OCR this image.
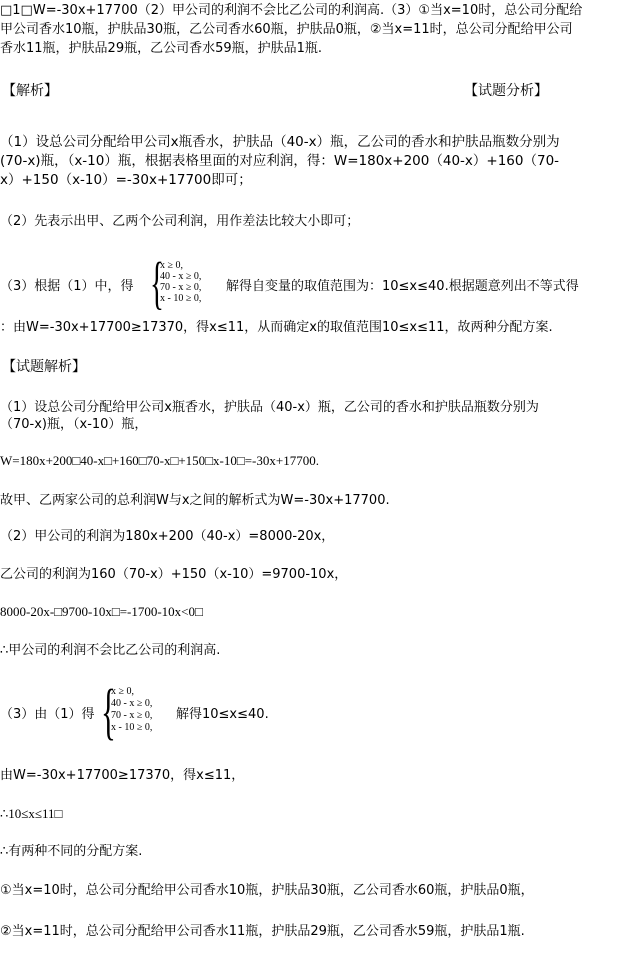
□1□W=-30x+17700（2）甲公司的利润不会比乙公司的利润高.（3）①当x=10时，总公司分配给
甲公司香水10瓶，护肤品30瓶，乙公司香水60瓶，护肤品0瓶，②当x=11时，总公司分配给甲公司
香水11瓶，护肤品29瓶，乙公司香水59瓶，护肤品1瓶.
【解析】	【试题分析】
（1）设总公司分配给甲公司x瓶香水，护肤品（40-x）瓶，乙公司的香水和护肤品瓶数分别为
(70-x)瓶，（x-10）瓶，根据表格里面的对应利润，得：W=180x+200（40-x）+160（70-
x）+150（x-10）=-30x+17700即可；
（2）先表示出甲、乙两个公司利润，用作差法比较大小即可；
（3）根据（1）中，得 {
x ≥ 0,
40 - x ≥ 0,
70 - x ≥ 0,
x - 10 ≥ 0,
解得自变量的取值范围为：10≤x≤40.根据题意列出不等式得
：由W=-30x+17700≥17370，得x≤11，从而确定x的取值范围10≤x≤11，故两种分配方案.
【试题解析】
（1）设总公司分配给甲公司x瓶香水，护肤品（40-x）瓶，乙公司的香水和护肤品瓶数分别为
（70-x)瓶，（x-10）瓶，
W=180x+200□40-x□+160□70-x□+150□x-10□=-30x+17700.
故甲、乙两家公司的总利润W与x之间的解析式为W=-30x+17700.
（2）甲公司的利润为180x+200（40-x）=8000-20x，
乙公司的利润为160（70-x）+150（x-10）=9700-10x，
8000-20x-□9700-10x□=-1700-10x<0□
∴甲公司的利润不会比乙公司的利润高.
（3）由（1）得 {
x ≥ 0,
40 - x ≥ 0,
70 - x ≥ 0,
x - 10 ≥ 0,
解得10≤x≤40.
由W=-30x+17700≥17370，得x≤11，
∴10≤x≤11□
∴有两种不同的分配方案.
①当x=10时，总公司分配给甲公司香水10瓶，护肤品30瓶，乙公司香水60瓶，护肤品0瓶，
②当x=11时，总公司分配给甲公司香水11瓶，护肤品29瓶，乙公司香水59瓶，护肤品1瓶.
